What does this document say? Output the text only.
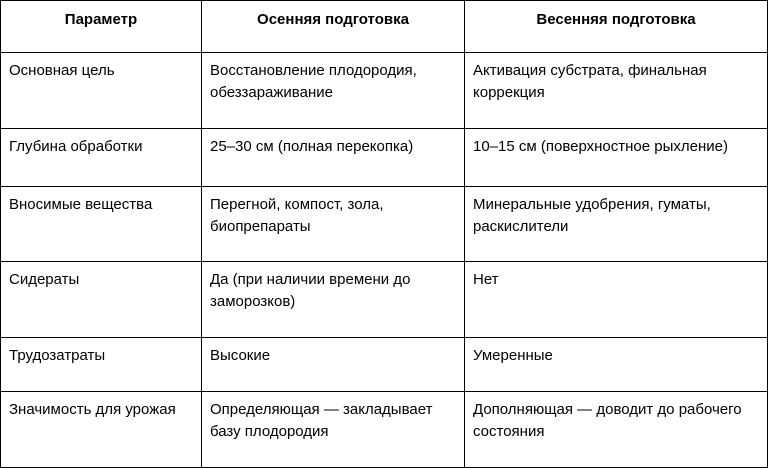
Параметр	Осенняя подготовка	Весенняя подготовка
Основная цель	Восстановление плодородия, обеззараживание	Активация субстрата, финальная коррекция
Глубина обработки	25–30 см (полная перекопка)	10–15 см (поверхностное рыхление)
Вносимые вещества	Перегной, компост, зола, биопрепараты	Минеральные удобрения, гуматы, раскислители
Сидераты	Да (при наличии времени до заморозков)	Нет
Трудозатраты	Высокие	Умеренные
Значимость для урожая	Определяющая — закладывает базу плодородия	Дополняющая — доводит до рабочего состояния
